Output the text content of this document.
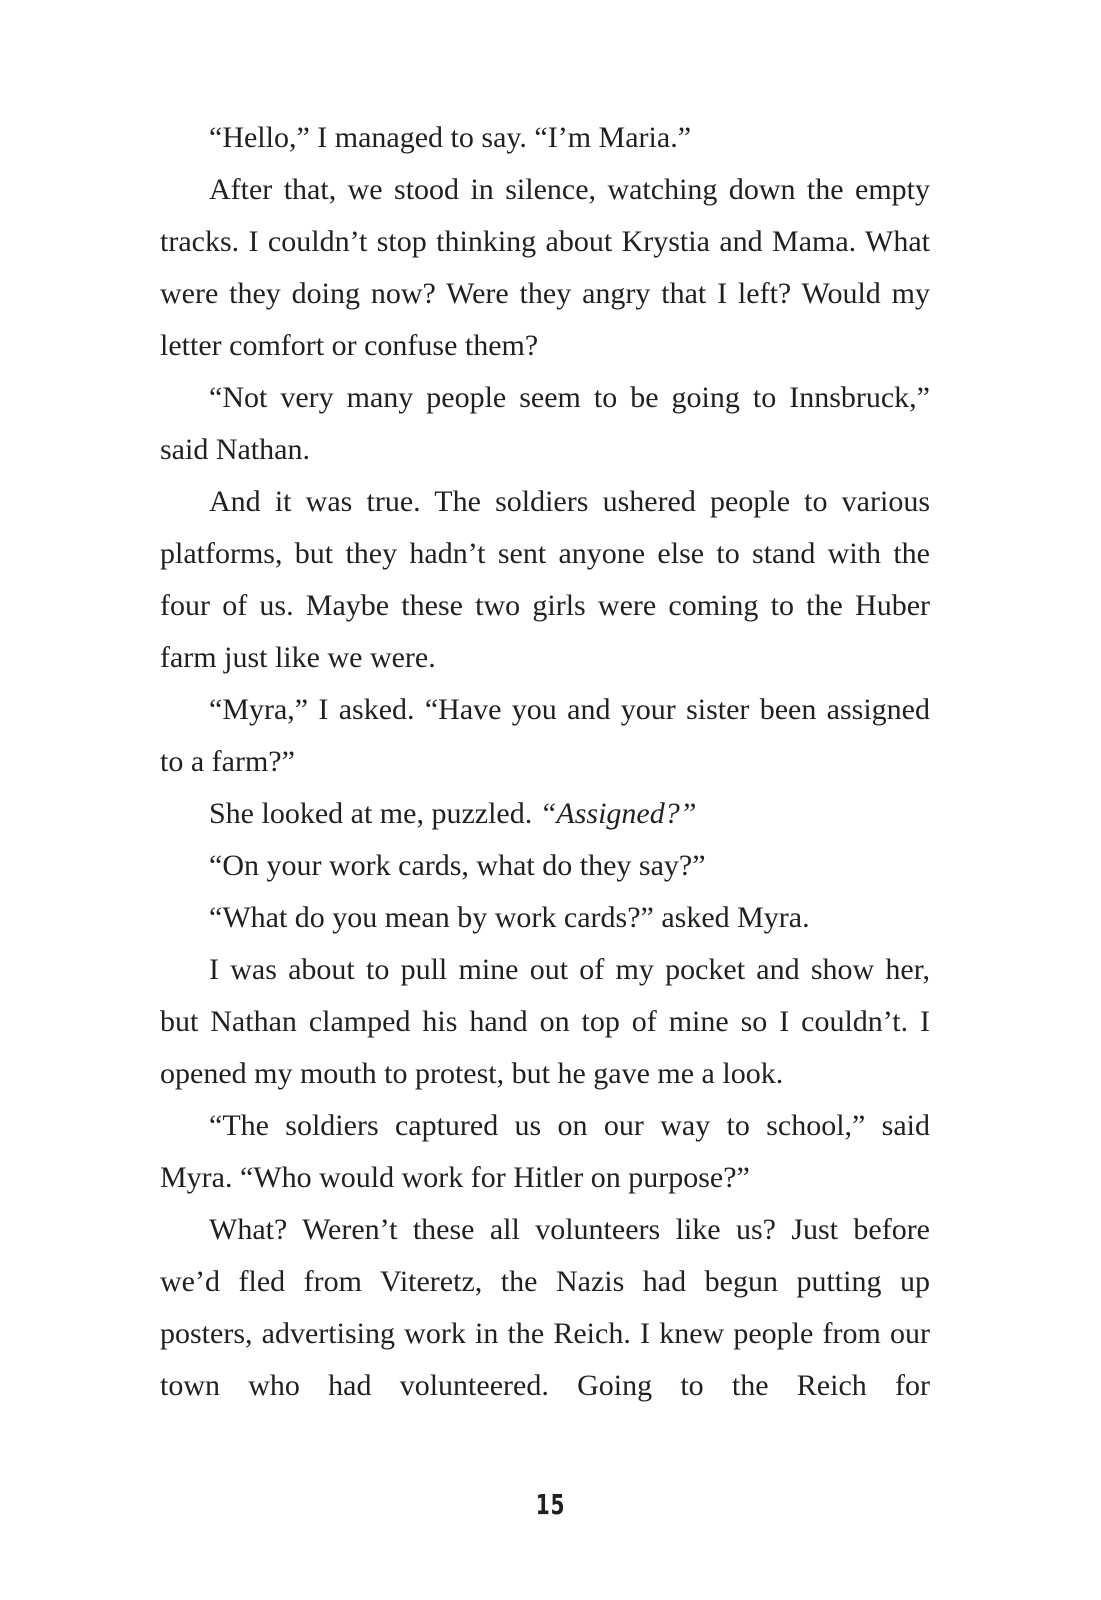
“Hello,” I managed to say. “I’m Maria.”

After that, we stood in silence, watching down the empty tracks. I couldn’t stop thinking about Krystia and Mama. What were they doing now? Were they angry that I left? Would my letter comfort or confuse them?

“Not very many people seem to be going to Innsbruck,” said Nathan.

And it was true. The soldiers ushered people to various platforms, but they hadn’t sent anyone else to stand with the four of us. Maybe these two girls were coming to the Huber farm just like we were.

“Myra,” I asked. “Have you and your sister been assigned to a farm?”

She looked at me, puzzled. “Assigned?”

“On your work cards, what do they say?”

“What do you mean by work cards?” asked Myra.

I was about to pull mine out of my pocket and show her, but Nathan clamped his hand on top of mine so I couldn’t. I opened my mouth to protest, but he gave me a look.

“The soldiers captured us on our way to school,” said Myra. “Who would work for Hitler on purpose?”

What? Weren’t these all volunteers like us? Just before we’d fled from Viteretz, the Nazis had begun putting up posters, advertising work in the Reich. I knew people from our town who had volunteered. Going to the Reich for

15
